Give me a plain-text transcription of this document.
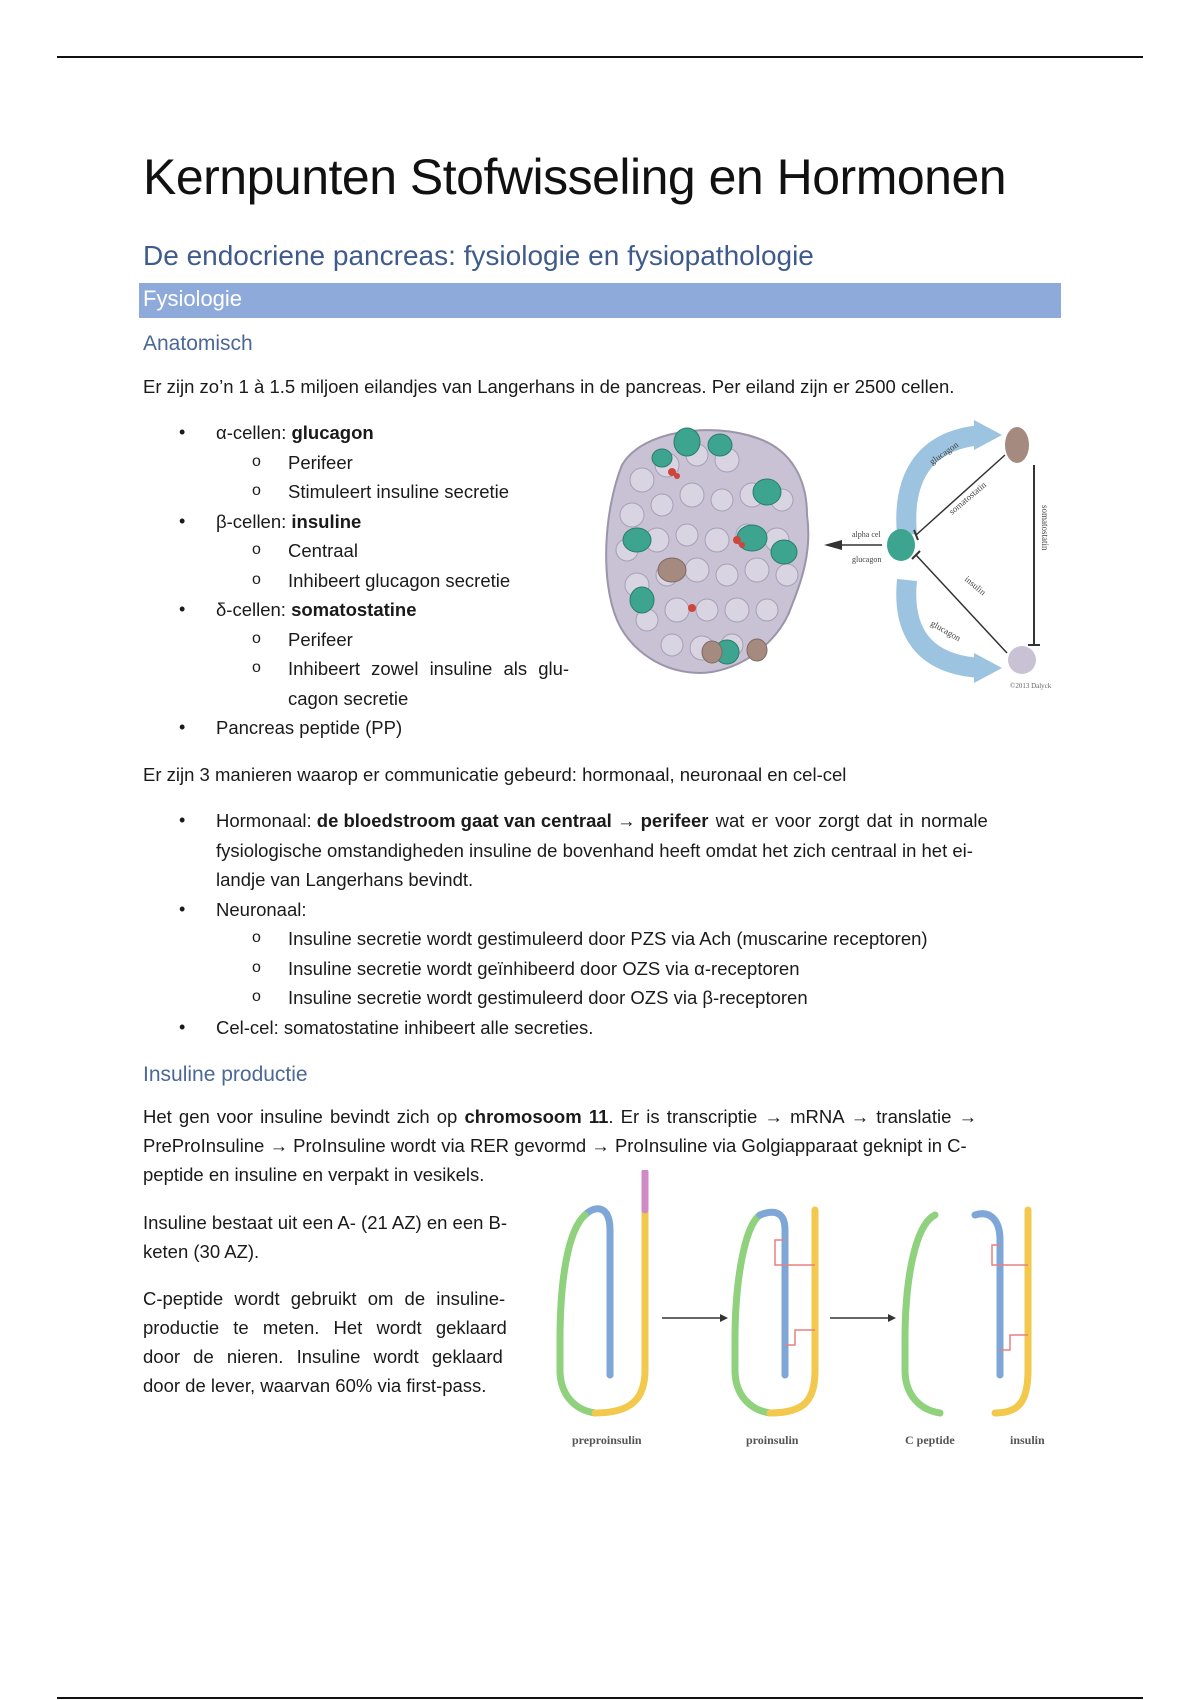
Kernpunten Stofwisseling en Hormonen
De endocriene pancreas: fysiologie en fysiopathologie
Fysiologie
Anatomisch
Er zijn zo’n 1 à 1.5 miljoen eilandjes van Langerhans in de pancreas. Per eiland zijn er 2500 cellen.
• α-cellen: glucagon
o Perifeer
o Stimuleert insuline secretie
• β-cellen: insuline
o Centraal
o Inhibeert glucagon secretie
• δ-cellen: somatostatine
o Perifeer
o Inhibeert zowel insuline als glu-
cagon secretie
• Pancreas peptide (PP)
Er zijn 3 manieren waarop er communicatie gebeurd: hormonaal, neuronaal en cel-cel
• Hormonaal: de bloedstroom gaat van centraal → perifeer wat er voor zorgt dat in normale
fysiologische omstandigheden insuline de bovenhand heeft omdat het zich centraal in het ei-
landje van Langerhans bevindt.
• Neuronaal:
o Insuline secretie wordt gestimuleerd door PZS via Ach (muscarine receptoren)
o Insuline secretie wordt geïnhibeerd door OZS via α-receptoren
o Insuline secretie wordt gestimuleerd door OZS via β-receptoren
• Cel-cel: somatostatine inhibeert alle secreties.
Insuline productie
Het gen voor insuline bevindt zich op chromosoom 11. Er is transcriptie → mRNA → translatie →
PreProInsuline → ProInsuline wordt via RER gevormd → ProInsuline via Golgiapparaat geknipt in C-
peptide en insuline en verpakt in vesikels.
Insuline bestaat uit een A- (21 AZ) en een B-
keten (30 AZ).
C-peptide wordt gebruikt om de insuline-
productie te meten. Het wordt geklaard
door de nieren. Insuline wordt geklaard
door de lever, waarvan 60% via first-pass.
glucagon
somatostatin
alpha cel
glucagon
insulin
glucagon
somatostatin
©2013 Dalyck
preproinsulin	proinsulin	C peptide	insulin
